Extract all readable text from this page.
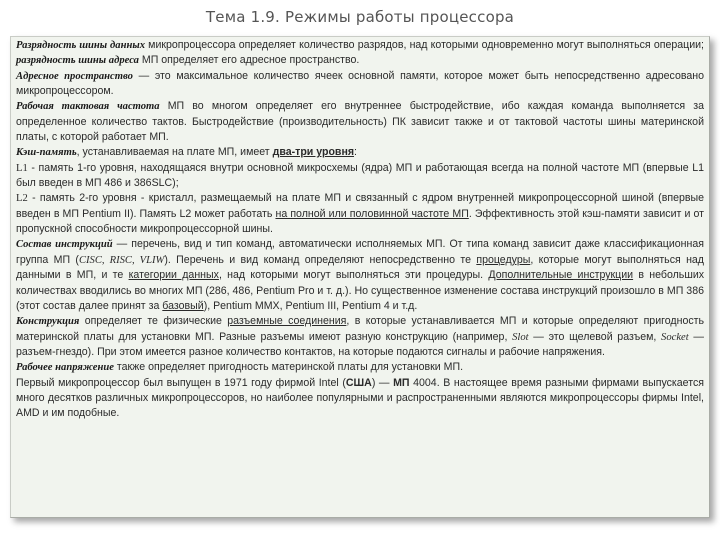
Тема 1.9. Режимы работы процессора

Разрядность шины данных микропроцессора определяет количество разрядов, над которыми одновременно могут выполняться операции; разрядность шины адреса МП определяет его адресное пространство.

Адресное пространство — это максимальное количество ячеек основной памяти, которое может быть непосредственно адресовано микропроцессором.

Рабочая тактовая частота МП во многом определяет его внутреннее быстродействие, ибо каждая команда выполняется за определенное количество тактов. Быстродействие (производительность) ПК зависит также и от тактовой частоты шины материнской платы, с которой работает МП.

Кэш-память, устанавливаемая на плате МП, имеет два-три уровня:

L1 - память 1-го уровня, находящаяся внутри основной микросхемы (ядра) МП и работающая всегда на полной частоте МП (впервые L1 был введен в МП 486 и 386SLC);

L2 - память 2-го уровня - кристалл, размещаемый на плате МП и связанный с ядром внутренней микропроцессорной шиной (впервые введен в МП Pentium II). Память L2 может работать на полной или половинной частоте МП. Эффективность этой кэш-памяти зависит и от пропускной способности микропроцессорной шины.

Состав инструкций — перечень, вид и тип команд, автоматически исполняемых МП. От типа команд зависит даже классификационная группа МП (CISC, RISC, VLIW). Перечень и вид команд определяют непосредственно те процедуры, которые могут выполняться над данными в МП, и те категории данных, над которыми могут выполняться эти процедуры. Дополнительные инструкции в небольших количествах вводились во многих МП (286, 486, Pentium Pro и т. д.). Но существенное изменение состава инструкций произошло в МП 386 (этот состав далее принят за базовый), Pentium MMX, Pentium III, Pentium 4 и т.д.

Конструкция определяет те физические разъемные соединения, в которые устанавливается МП и которые определяют пригодность материнской платы для установки МП. Разные разъемы имеют разную конструкцию (например, Slot — это щелевой разъем, Socket — разъем-гнездо). При этом имеется разное количество контактов, на которые подаются сигналы и рабочие напряжения.

Рабочее напряжение также определяет пригодность материнской платы для установки МП.

Первый микропроцессор был выпущен в 1971 году фирмой Intel (США) — МП 4004. В настоящее время разными фирмами выпускается много десятков различных микропроцессоров, но наиболее популярными и распространенными являются микропроцессоры фирмы Intel, AMD и им подобные.
